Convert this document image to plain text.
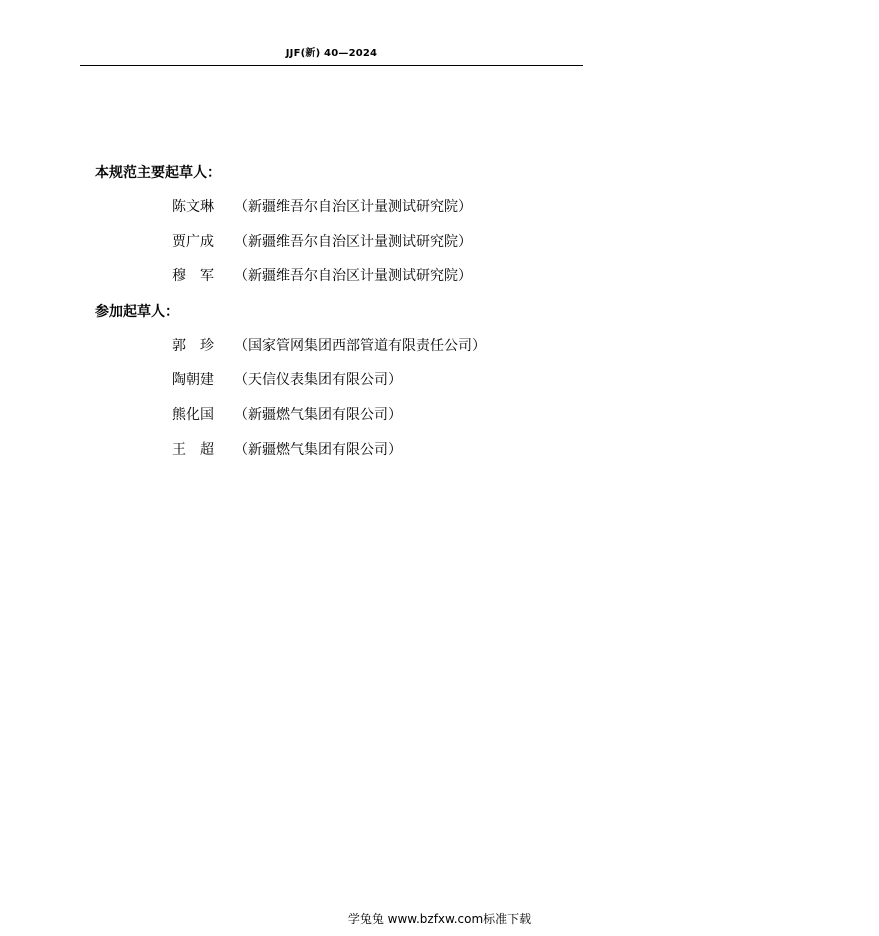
JJF(新) 40—2024
本规范主要起草人：
陈文琳	（新疆维吾尔自治区计量测试研究院）
贾广成	（新疆维吾尔自治区计量测试研究院）
穆　军	（新疆维吾尔自治区计量测试研究院）
参加起草人：
郭　珍	（国家管网集团西部管道有限责任公司）
陶朝建	（天信仪表集团有限公司）
熊化国	（新疆燃气集团有限公司）
王　超	（新疆燃气集团有限公司）
学兔兔 www.bzfxw.com标准下载
